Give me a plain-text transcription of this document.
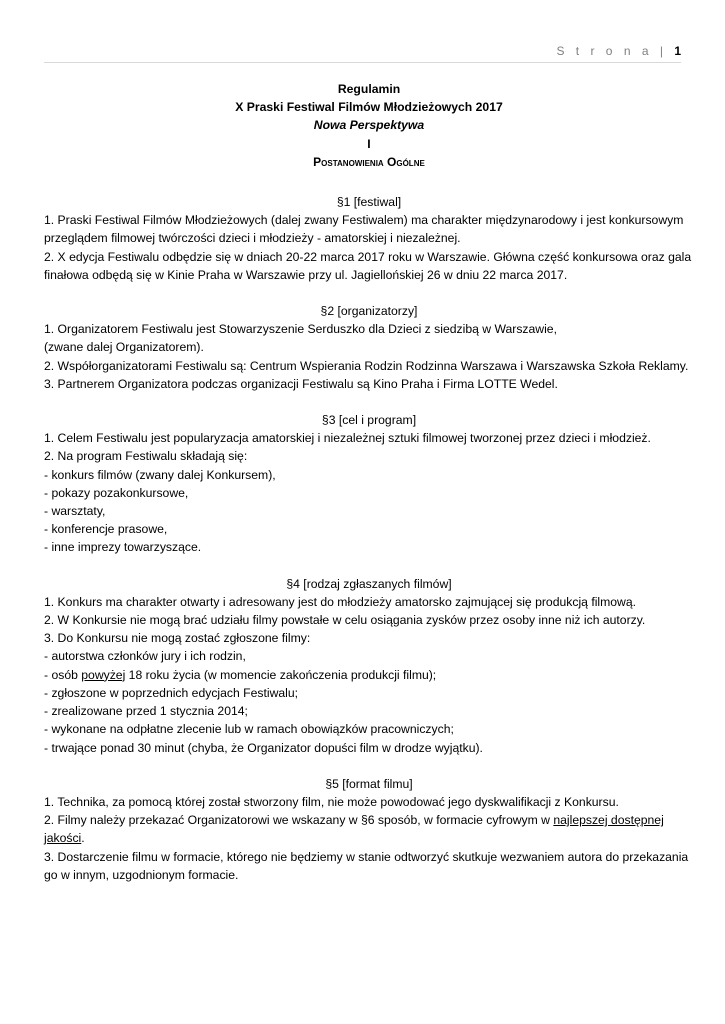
S t r o n a | 1

Regulamin

X Praski Festiwal Filmów Młodzieżowych 2017

Nowa Perspektywa

I

Postanowienia Ogólne

§1 [festiwal]

1. Praski Festiwal Filmów Młodzieżowych (dalej zwany Festiwalem) ma charakter międzynarodowy i jest konkursowym przeglądem filmowej twórczości dzieci i młodzieży - amatorskiej i niezależnej.

2. X edycja Festiwalu odbędzie się w dniach 20-22 marca 2017 roku w Warszawie. Główna część konkursowa oraz gala finałowa odbędą się w Kinie Praha w Warszawie przy ul. Jagiellońskiej 26 w dniu 22 marca 2017.

§2 [organizatorzy]

1. Organizatorem Festiwalu jest Stowarzyszenie Serduszko dla Dzieci z siedzibą w Warszawie,

(zwane dalej Organizatorem).

2. Współorganizatorami Festiwalu są: Centrum Wspierania Rodzin Rodzinna Warszawa i Warszawska Szkoła Reklamy.

3. Partnerem Organizatora podczas organizacji Festiwalu są Kino Praha i Firma LOTTE Wedel.

§3 [cel i program]

1. Celem Festiwalu jest popularyzacja amatorskiej i niezależnej sztuki filmowej tworzonej przez dzieci i młodzież.

2. Na program Festiwalu składają się:

- konkurs filmów (zwany dalej Konkursem),

- pokazy pozakonkursowe,

- warsztaty,

- konferencje prasowe,

- inne imprezy towarzyszące.

§4 [rodzaj zgłaszanych filmów]

1. Konkurs ma charakter otwarty i adresowany jest do młodzieży amatorsko zajmującej się produkcją filmową.

2. W Konkursie nie mogą brać udziału filmy powstałe w celu osiągania zysków przez osoby inne niż ich autorzy.

3. Do Konkursu nie mogą zostać zgłoszone filmy:

- autorstwa członków jury i ich rodzin,

- osób powyżej 18 roku życia (w momencie zakończenia produkcji filmu);

- zgłoszone w poprzednich edycjach Festiwalu;

- zrealizowane przed 1 stycznia 2014;

- wykonane na odpłatne zlecenie lub w ramach obowiązków pracowniczych;

- trwające ponad 30 minut (chyba, że Organizator dopuści film w drodze wyjątku).

§5 [format filmu]

1. Technika, za pomocą której został stworzony film, nie może powodować jego dyskwalifikacji z Konkursu.

2. Filmy należy przekazać Organizatorowi we wskazany w §6 sposób, w formacie cyfrowym w najlepszej dostępnej jakości.

3. Dostarczenie filmu w formacie, którego nie będziemy w stanie odtworzyć skutkuje wezwaniem autora do przekazania go w innym, uzgodnionym formacie.
